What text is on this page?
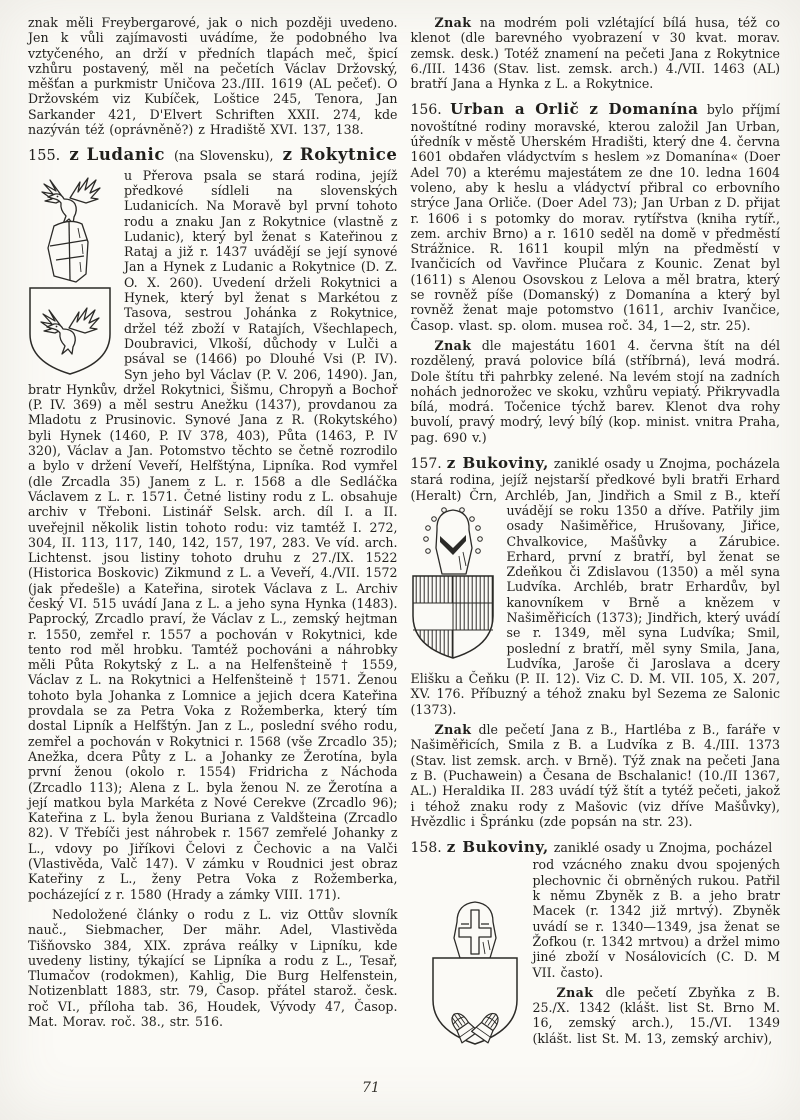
znak měli Freybergarové, jak o nich později uvedeno. Jen k vůli zajímavosti uvádíme, že podobného lva vztyčeného, an drží v předních tlapách meč, špicí vzhůru postavený, měl na pečetích Václav Držovský, měšťan a purkmistr Uničova 23./III. 1619 (AL pečeť). O Držovském viz Kubíček, Loštice 245, Tenora, Jan Sarkander 421, D'Elvert Schriften XXII. 274, kde nazýván též (oprávněně?) z Hradiště XVI. 137, 138.
155. z Ludanic (na Slovensku), z Rokytnice
u Přerova psala se stará rodina, jejíž předkové sídleli na slovenských Ludanicích. Na Moravě byl první tohoto rodu a znaku Jan z Rokytnice (vlastně z Ludanic), který byl ženat s Kateřinou z Rataj a již r. 1437 uvádějí se její synové Jan a Hynek z Ludanic a Rokytnice (D. Z. O. X. 260). Uvedení drželi Rokytnici a Hynek, který byl ženat s Markétou z Tasova, sestrou Johánka z Rokytnice, držel též zboží v Ratajích, Všechlapech, Doubravici, Vlkoší, důchody v Lulči a psával se (1466) po Dlouhé Vsi (P. IV). Syn jeho byl Václav (P. V. 206, 1490). Jan, bratr Hynkův, držel Rokytnici, Šišmu, Chropyň a Bochoř (P. IV. 369) a měl sestru Anežku (1437), provdanou za Mladotu z Prusinovic. Synové Jana z R. (Rokytského) byli Hynek (1460, P. IV 378, 403), Půta (1463, P. IV 320), Václav a Jan. Potomstvo těchto se četně rozrodilo a bylo v držení Veveří, Helfštýna, Lipníka. Rod vymřel (dle Zrcadla 35) Janem z L. r. 1568 a dle Sedláčka Václavem z L. r. 1571. Četné listiny rodu z L. obsahuje archiv v Třeboni. Listinář Selsk. arch. díl I. a II. uveřejnil několik listin tohoto rodu: viz tamtéž I. 272, 304, II. 113, 117, 140, 142, 157, 197, 283. Ve víd. arch. Lichtenst. jsou listiny tohoto druhu z 27./IX. 1522 (Historica Boskovic) Zikmund z L. a Veveří, 4./VII. 1572 (jak předešle) a Kateřina, sirotek Václava z L. Archiv český VI. 515 uvádí Jana z L. a jeho syna Hynka (1483). Paprocký, Zrcadlo praví, že Václav z L., zemský hejtman r. 1550, zemřel r. 1557 a pochován v Rokytnici, kde tento rod měl hrobku. Tamtéž pochováni a náhrobky měli Půta Rokytský z L. a na Helfenšteině † 1559, Václav z L. na Rokytnici a Helfenšteině † 1571. Ženou tohoto byla Johanka z Lomnice a jejich dcera Kateřina provdala se za Petra Voka z Rožemberka, který tím dostal Lipník a Helfštýn. Jan z L., poslední svého rodu, zemřel a pochován v Rokytnici r. 1568 (vše Zrcadlo 35); Anežka, dcera Půty z L. a Johanky ze Žerotína, byla první ženou (okolo r. 1554) Fridricha z Náchoda (Zrcadlo 113); Alena z L. byla ženou N. ze Žerotína a její matkou byla Markéta z Nové Cerekve (Zrcadlo 96); Kateřina z L. byla ženou Buriana z Valdšteina (Zrcadlo 82). V Třebíči jest náhrobek r. 1567 zemřelé Johanky z L., vdovy po Jiříkovi Čelovi z Čechovic a na Valči (Vlastivěda, Valč 147). V zámku v Roudnici jest obraz Kateřiny z L., ženy Petra Voka z Rožemberka, pocházející z r. 1580 (Hrady a zámky VIII. 171).
Nedoložené články o rodu z L. viz Ottův slovník nauč., Siebmacher, Der mähr. Adel, Vlastivěda Tišňovsko 384, XIX. zpráva reálky v Lipníku, kde uvedeny listiny, týkající se Lipníka a rodu z L., Tesař, Tlumačov (rodokmen), Kahlig, Die Burg Helfenstein, Notizenblatt 1883, str. 79, Časop. přátel starož. česk. roč VI., příloha tab. 36, Houdek, Vývody 47, Časop. Mat. Morav. roč. 38., str. 516.
Znak na modrém poli vzlétající bílá husa, též co klenot (dle barevného vyobrazení v 30 kvat. morav. zemsk. desk.) Totéž znamení na pečeti Jana z Rokytnice 6./III. 1436 (Stav. list. zemsk. arch.) 4./VII. 1463 (AL) bratří Jana a Hynka z L. a Rokytnice.
156. Urban a Orlič z Domanína bylo příjmí novoštítné rodiny moravské, kterou založil Jan Urban, úředník v městě Uherském Hradišti, který dne 4. června 1601 obdařen vládyctvím s heslem »z Domanína« (Doer Adel 70) a kterému majestátem ze dne 10. ledna 1604 voleno, aby k heslu a vládyctví přibral co erbovního strýce Jana Orliče. (Doer Adel 73); Jan Urban z D. přijat r. 1606 i s potomky do morav. rytířstva (kniha rytíř., zem. archiv Brno) a r. 1610 seděl na domě v předměstí Strážnice. R. 1611 koupil mlýn na předměstí v Ivančicích od Vavřince Plučara z Kounic. Zenat byl (1611) s Alenou Osovskou z Lelova a měl bratra, který se rovněž píše (Domanský) z Domanína a který byl rovněž ženat maje potomstvo (1611, archiv Ivančice, Časop. vlast. sp. olom. musea roč. 34, 1—2, str. 25).
Znak dle majestátu 1601 4. června štít na dél rozdělený, pravá polovice bílá (stříbrná), levá modrá. Dole štítu tři pahrbky zelené. Na levém stojí na zadních nohách jednorožec ve skoku, vzhůru vepiatý. Přikryvadla bílá, modrá. Točenice týchž barev. Klenot dva rohy buvolí, pravý modrý, levý bílý (kop. minist. vnitra Praha, pag. 690 v.)
157. z Bukoviny, zaniklé osady u Znojma, pocházela stará rodina, jejíž nejstarší předkové byli bratři Erhard (Heralt) Črn, Archléb, Jan, Jindřich a Smil z B., kteří uvádějí se roku 1350 a dříve. Patřily jim osady Našiměřice, Hrušovany, Jiřice, Chvalkovice, Mašůvky a Zárubice. Erhard, první z bratří, byl ženat se Zdeňkou či Zdislavou (1350) a měl syna Ludvíka. Archléb, bratr Erhardův, byl kanovníkem v Brně a knězem v Našiměřicích (1373); Jindřich, který uvádí se r. 1349, měl syna Ludvíka; Smil, poslední z bratří, měl syny Smila, Jana, Ludvíka, Jaroše či Jaroslava a dcery Elišku a Čeňku (P. II. 12). Viz C. D. M. VII. 105, X. 207, XV. 176. Příbuzný a téhož znaku byl Sezema ze Salonic (1373).
Znak dle pečetí Jana z B., Hartléba z B., faráře v Našiměřicích, Smila z B. a Ludvíka z B. 4./III. 1373 (Stav. list zemsk. arch. v Brně). Týž znak na pečeti Jana z B. (Puchawein) a Česana de Bschalanic! (10./II 1367, AL.) Heraldika II. 283 uvádí týž štít a tytéž pečeti, jakož i téhož znaku rody z Mašovic (viz dříve Mašůvky), Hvězdlic i Špránku (zde popsán na str. 23).
158. z Bukoviny, zaniklé osady u Znojma, pocházel
rod vzácného znaku dvou spojených plechovnic či obrněných rukou. Patřil k němu Zbyněk z B. a jeho bratr Macek (r. 1342 již mrtvý). Zbyněk uvádí se r. 1340—1349, jsa ženat se Žofkou (r. 1342 mrtvou) a držel mimo jiné zboží v Nosálovicích (C. D. M VII. často).
Znak dle pečetí Zbyňka z B. 25./X. 1342 (klášt. list St. Brno M. 16, zemský arch.), 15./VI. 1349 (klášt. list St. M. 13, zemský archiv),
71
